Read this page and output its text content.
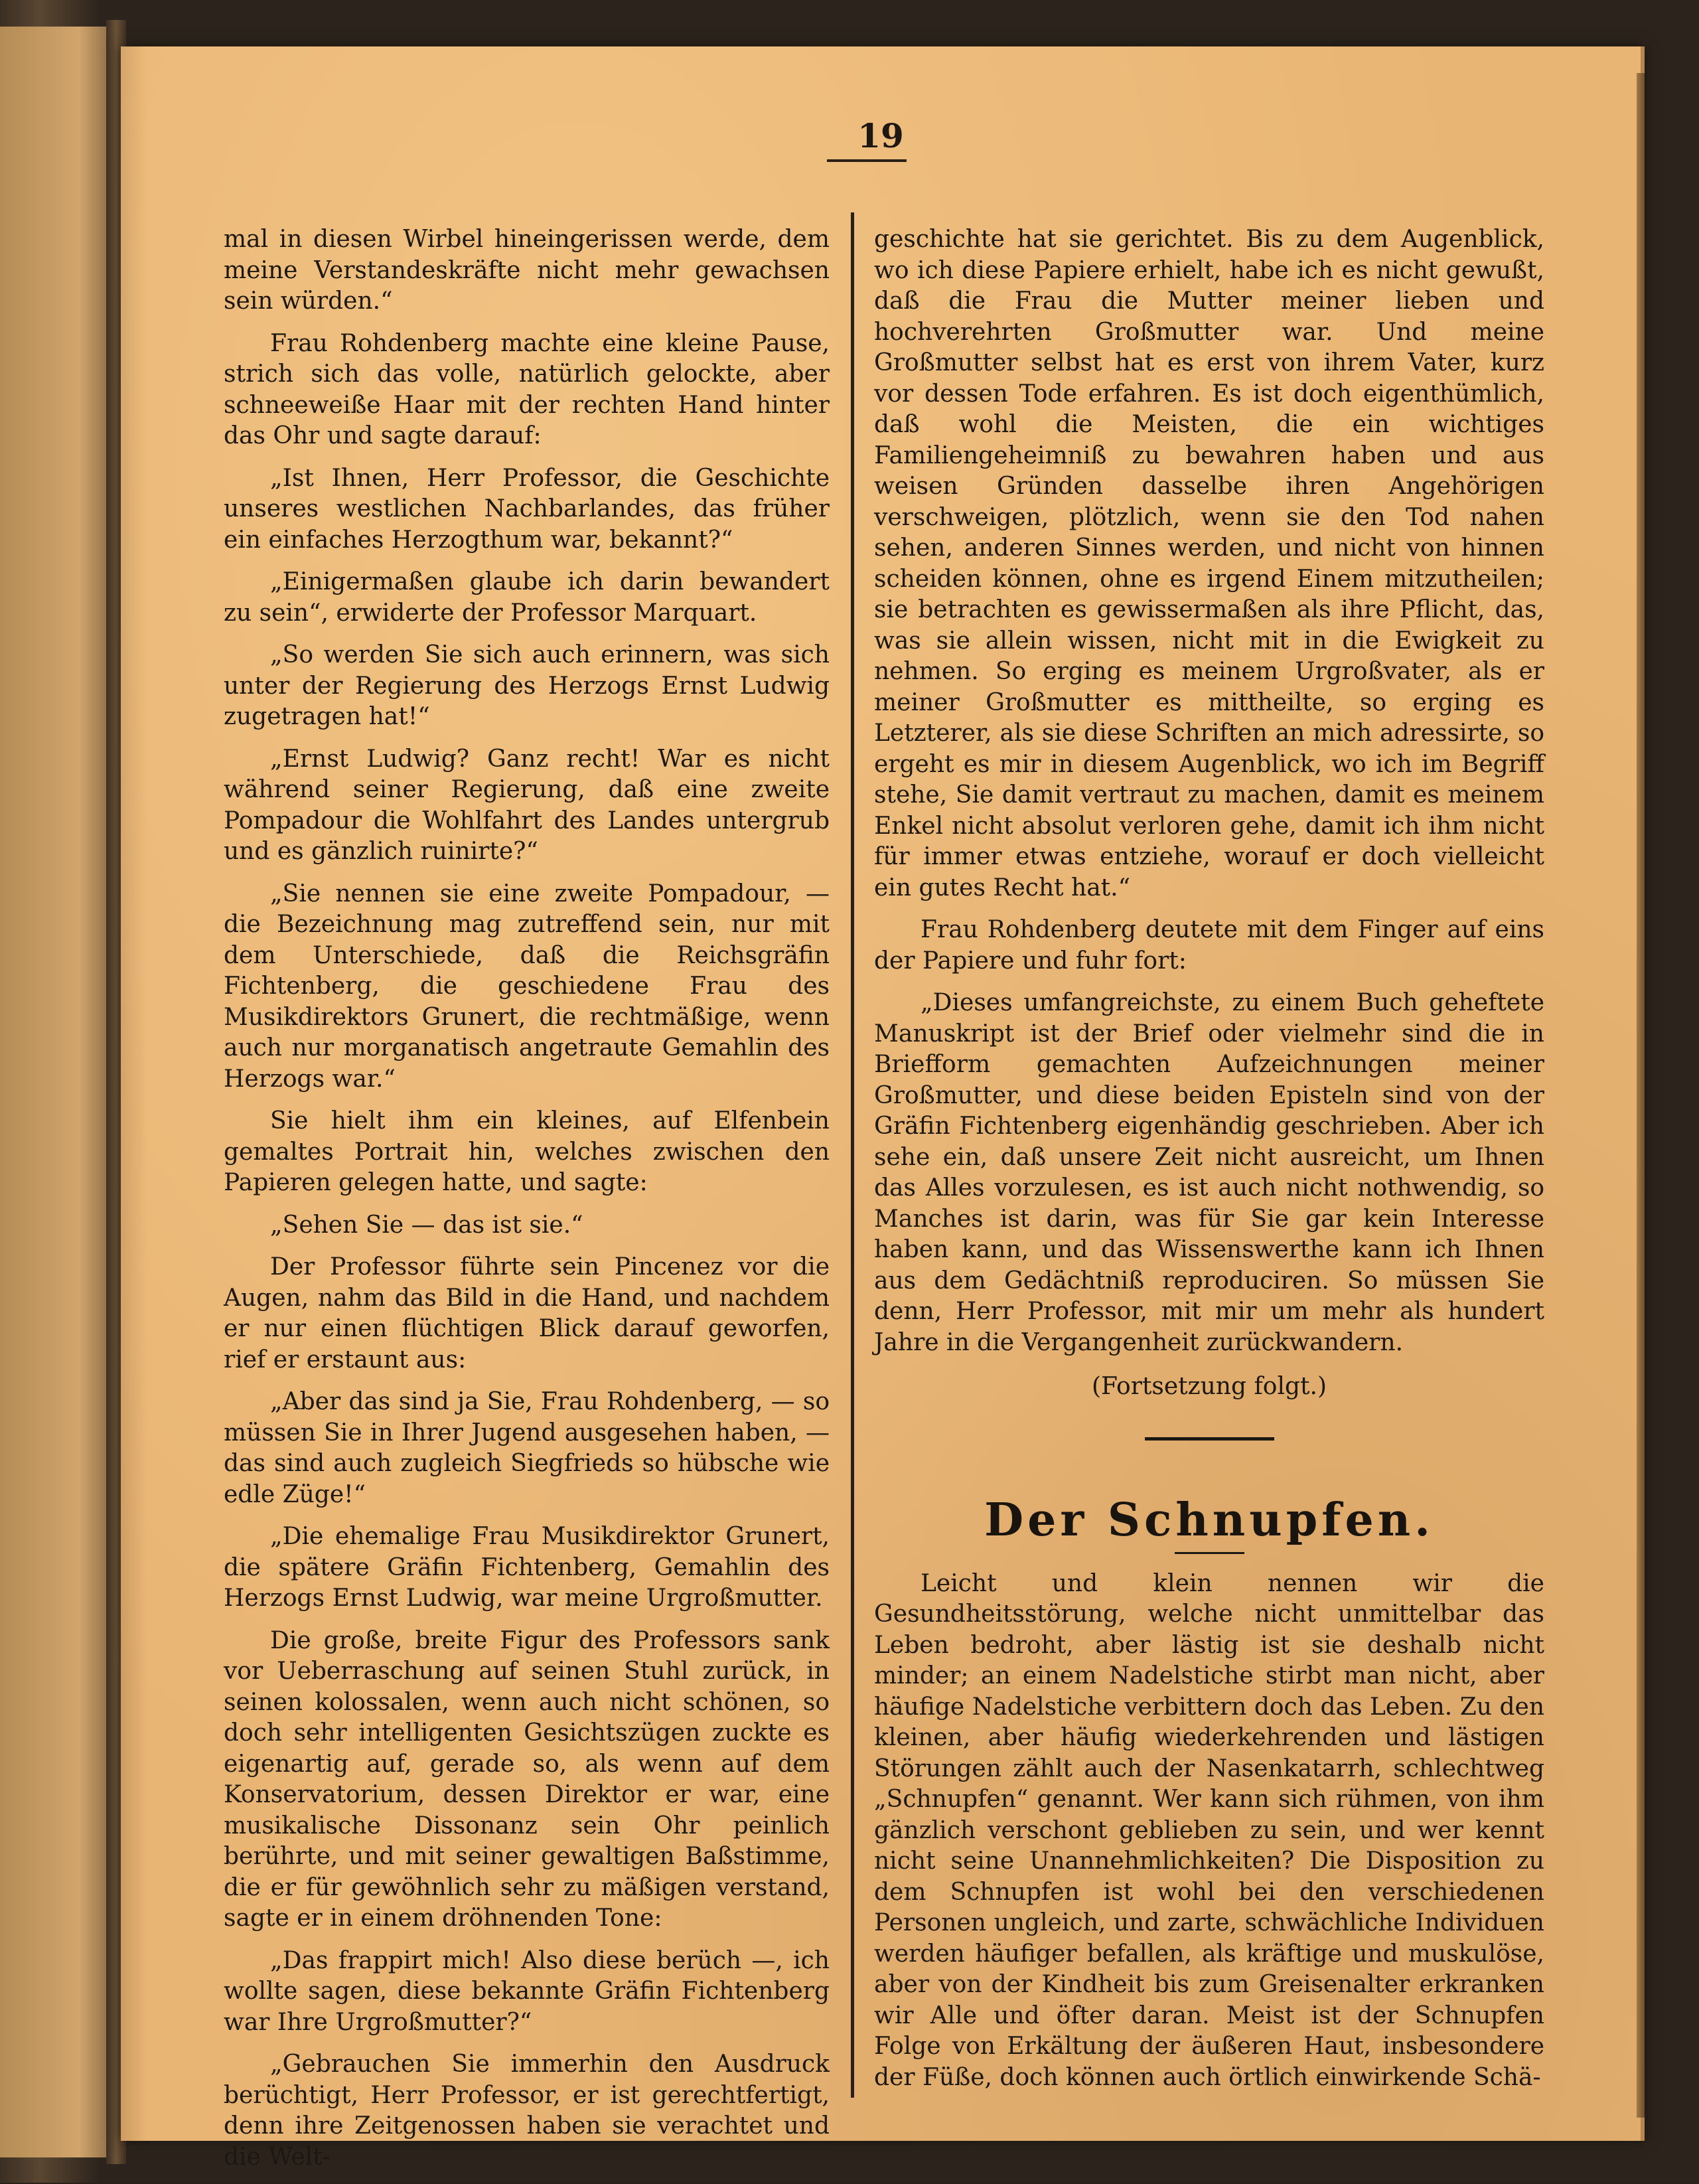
19

mal in diesen Wirbel hineingerissen werde, dem meine Verstandeskräfte nicht mehr gewachsen sein würden.“

Frau Rohdenberg machte eine kleine Pause, strich sich das volle, natürlich gelockte, aber schneeweiße Haar mit der rechten Hand hinter das Ohr und sagte darauf:

„Ist Ihnen, Herr Professor, die Geschichte unseres westlichen Nachbarlandes, das früher ein einfaches Herzogthum war, bekannt?“

„Einigermaßen glaube ich darin bewandert zu sein“, erwiderte der Professor Marquart.

„So werden Sie sich auch erinnern, was sich unter der Regierung des Herzogs Ernst Ludwig zugetragen hat!“

„Ernst Ludwig? Ganz recht! War es nicht während seiner Regierung, daß eine zweite Pompadour die Wohlfahrt des Landes untergrub und es gänzlich ruinirte?“

„Sie nennen sie eine zweite Pompadour, — die Bezeichnung mag zutreffend sein, nur mit dem Unterschiede, daß die Reichsgräfin Fichtenberg, die geschiedene Frau des Musikdirektors Grunert, die rechtmäßige, wenn auch nur morganatisch angetraute Gemahlin des Herzogs war.“

Sie hielt ihm ein kleines, auf Elfenbein gemaltes Portrait hin, welches zwischen den Papieren gelegen hatte, und sagte:

„Sehen Sie — das ist sie.“

Der Professor führte sein Pincenez vor die Augen, nahm das Bild in die Hand, und nachdem er nur einen flüchtigen Blick darauf geworfen, rief er erstaunt aus:

„Aber das sind ja Sie, Frau Rohdenberg, — so müssen Sie in Ihrer Jugend ausgesehen haben, — das sind auch zugleich Siegfrieds so hübsche wie edle Züge!“

„Die ehemalige Frau Musikdirektor Grunert, die spätere Gräfin Fichtenberg, Gemahlin des Herzogs Ernst Ludwig, war meine Urgroßmutter.

Die große, breite Figur des Professors sank vor Ueberraschung auf seinen Stuhl zurück, in seinen kolossalen, wenn auch nicht schönen, so doch sehr intelligenten Gesichtszügen zuckte es eigenartig auf, gerade so, als wenn auf dem Konservatorium, dessen Direktor er war, eine musikalische Dissonanz sein Ohr peinlich berührte, und mit seiner gewaltigen Baßstimme, die er für gewöhnlich sehr zu mäßigen verstand, sagte er in einem dröhnenden Tone:

„Das frappirt mich! Also diese berüch —, ich wollte sagen, diese bekannte Gräfin Fichtenberg war Ihre Urgroßmutter?“

„Gebrauchen Sie immerhin den Ausdruck berüchtigt, Herr Professor, er ist gerechtfertigt, denn ihre Zeitgenossen haben sie verachtet und die Welt-

geschichte hat sie gerichtet. Bis zu dem Augenblick, wo ich diese Papiere erhielt, habe ich es nicht gewußt, daß die Frau die Mutter meiner lieben und hochverehrten Großmutter war. Und meine Großmutter selbst hat es erst von ihrem Vater, kurz vor dessen Tode erfahren. Es ist doch eigenthümlich, daß wohl die Meisten, die ein wichtiges Familiengeheimniß zu bewahren haben und aus weisen Gründen dasselbe ihren Angehörigen verschweigen, plötzlich, wenn sie den Tod nahen sehen, anderen Sinnes werden, und nicht von hinnen scheiden können, ohne es irgend Einem mitzutheilen; sie betrachten es gewissermaßen als ihre Pflicht, das, was sie allein wissen, nicht mit in die Ewigkeit zu nehmen. So erging es meinem Urgroßvater, als er meiner Großmutter es mittheilte, so erging es Letzterer, als sie diese Schriften an mich adressirte, so ergeht es mir in diesem Augenblick, wo ich im Begriff stehe, Sie damit vertraut zu machen, damit es meinem Enkel nicht absolut verloren gehe, damit ich ihm nicht für immer etwas entziehe, worauf er doch vielleicht ein gutes Recht hat.“

Frau Rohdenberg deutete mit dem Finger auf eins der Papiere und fuhr fort:

„Dieses umfangreichste, zu einem Buch geheftete Manuskript ist der Brief oder vielmehr sind die in Briefform gemachten Aufzeichnungen meiner Großmutter, und diese beiden Episteln sind von der Gräfin Fichtenberg eigenhändig geschrieben. Aber ich sehe ein, daß unsere Zeit nicht ausreicht, um Ihnen das Alles vorzulesen, es ist auch nicht nothwendig, so Manches ist darin, was für Sie gar kein Interesse haben kann, und das Wissenswerthe kann ich Ihnen aus dem Gedächtniß reproduciren. So müssen Sie denn, Herr Professor, mit mir um mehr als hundert Jahre in die Vergangenheit zurückwandern.

(Fortsetzung folgt.)

Der Schnupfen.

Leicht und klein nennen wir die Gesundheitsstörung, welche nicht unmittelbar das Leben bedroht, aber lästig ist sie deshalb nicht minder; an einem Nadelstiche stirbt man nicht, aber häufige Nadelstiche verbittern doch das Leben. Zu den kleinen, aber häufig wiederkehrenden und lästigen Störungen zählt auch der Nasenkatarrh, schlechtweg „Schnupfen“ genannt. Wer kann sich rühmen, von ihm gänzlich verschont geblieben zu sein, und wer kennt nicht seine Unannehmlichkeiten? Die Disposition zu dem Schnupfen ist wohl bei den verschiedenen Personen ungleich, und zarte, schwächliche Individuen werden häufiger befallen, als kräftige und muskulöse, aber von der Kindheit bis zum Greisenalter erkranken wir Alle und öfter daran. Meist ist der Schnupfen Folge von Erkältung der äußeren Haut, insbesondere der Füße, doch können auch örtlich einwirkende Schä-
